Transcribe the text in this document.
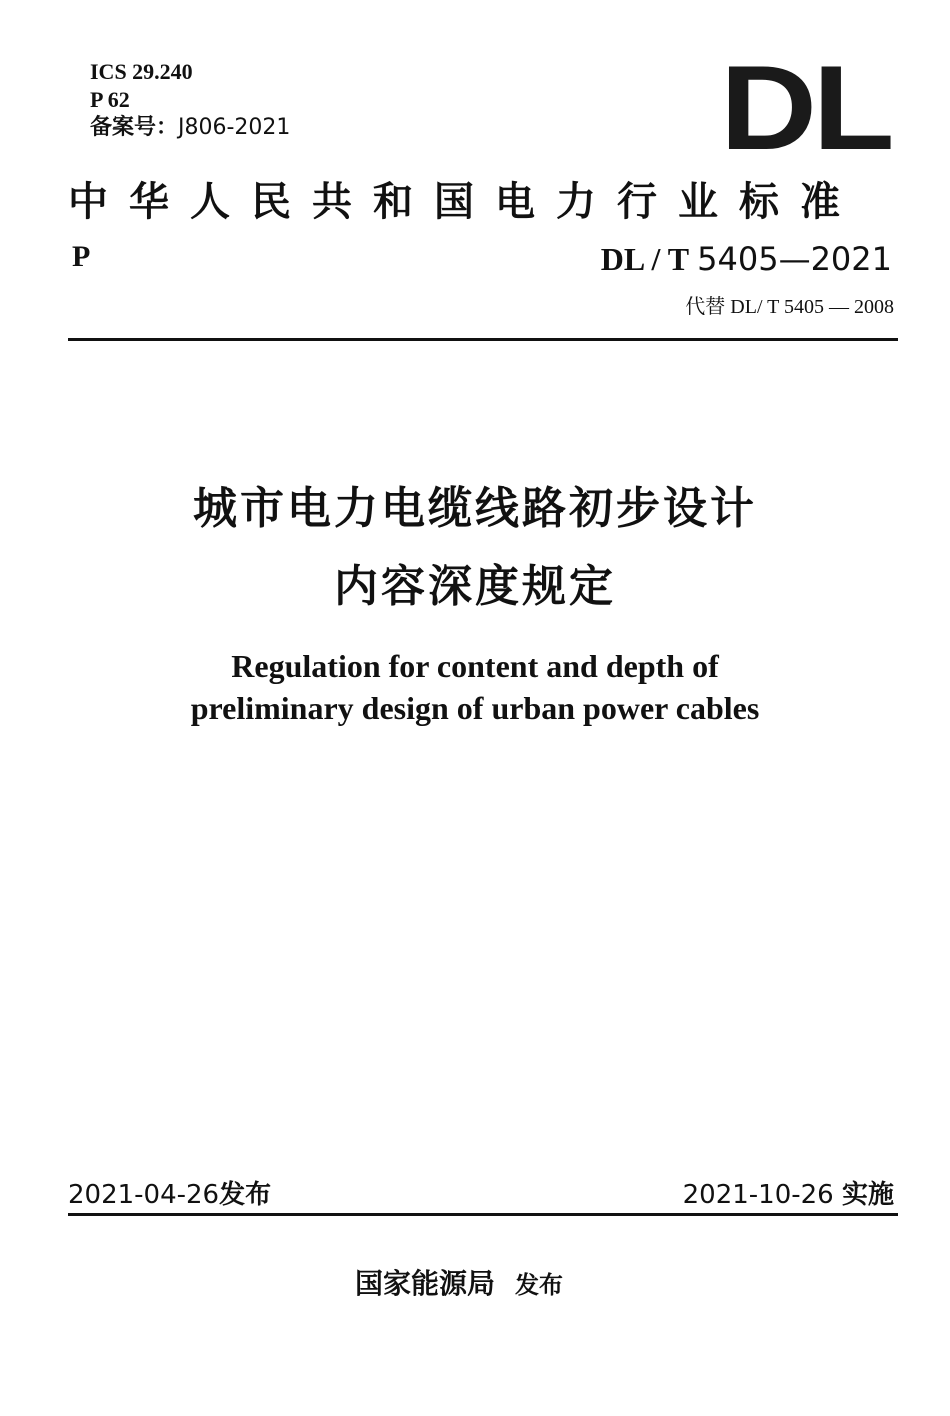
ICS 29.240
P 62
备案号：J806-2021	DL
中华人民共和国电力行业标准
P	DL / T 5405—2021
代替 DL/ T 5405 — 2008
城市电力电缆线路初步设计
内容深度规定
Regulation for content and depth of
preliminary design of urban power cables
2021-04-26发布	2021-10-26 实施
国家能源局 发布
